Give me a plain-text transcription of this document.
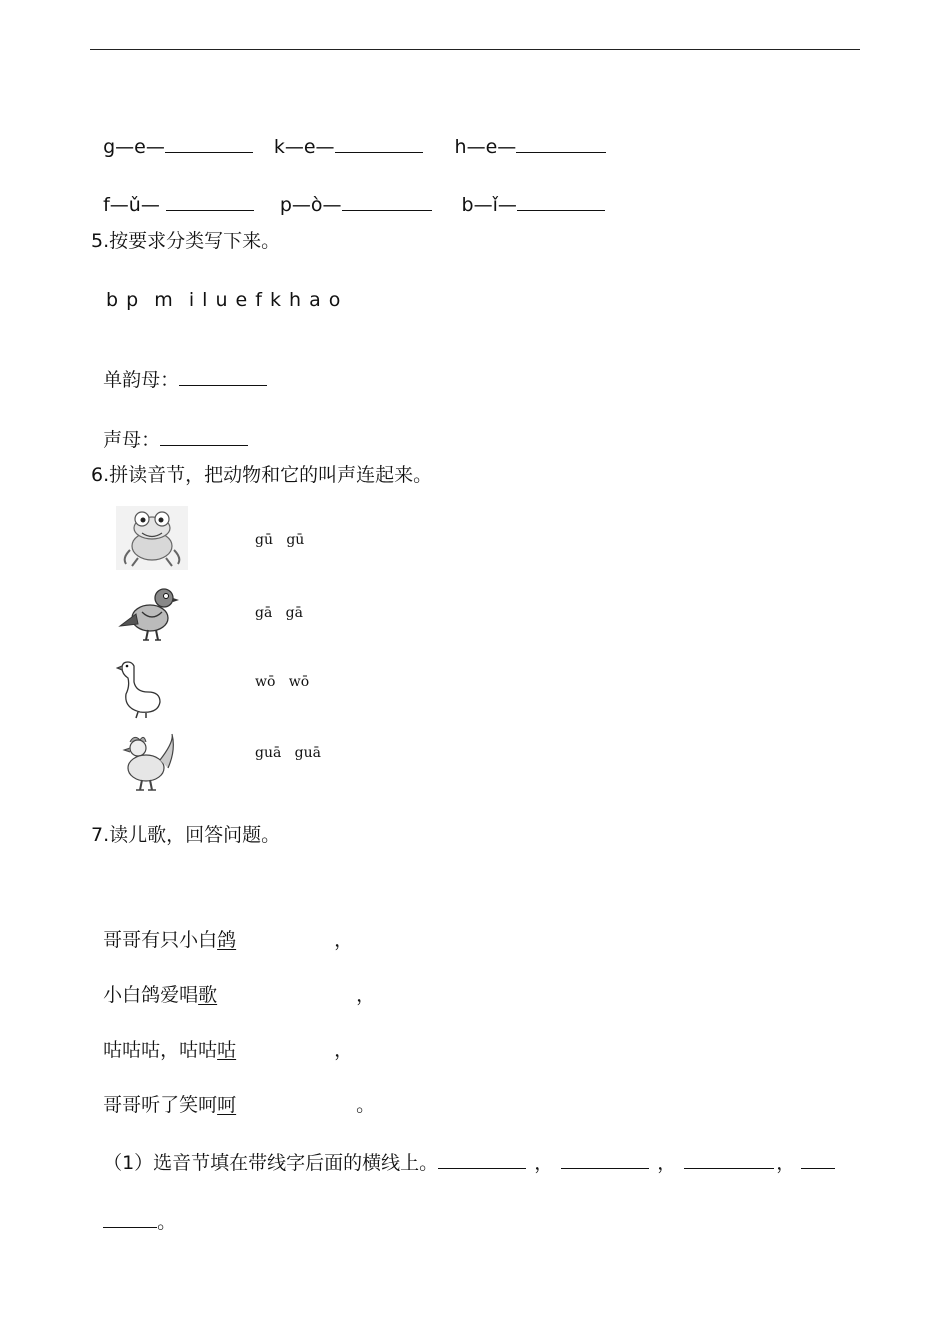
g—e—	k—e—	h—e—

f—ǔ—	p—ò—	b—ǐ—

5.按要求分类写下来。
b p  m  i l u e f k h a o

单韵母：

声母：

6.拼读音节，把动物和它的叫声连起来。
gū   gū
gā   gā
wō   wō
guā   guā
7.读儿歌，回答问题。

哥哥有只小白鸽	，

小白鸽爱唱歌	，

咕咕咕，咕咕咕	，

哥哥听了笑呵呵	。

（1）选音节填在带线字后面的横线上。	，	，	，

。
